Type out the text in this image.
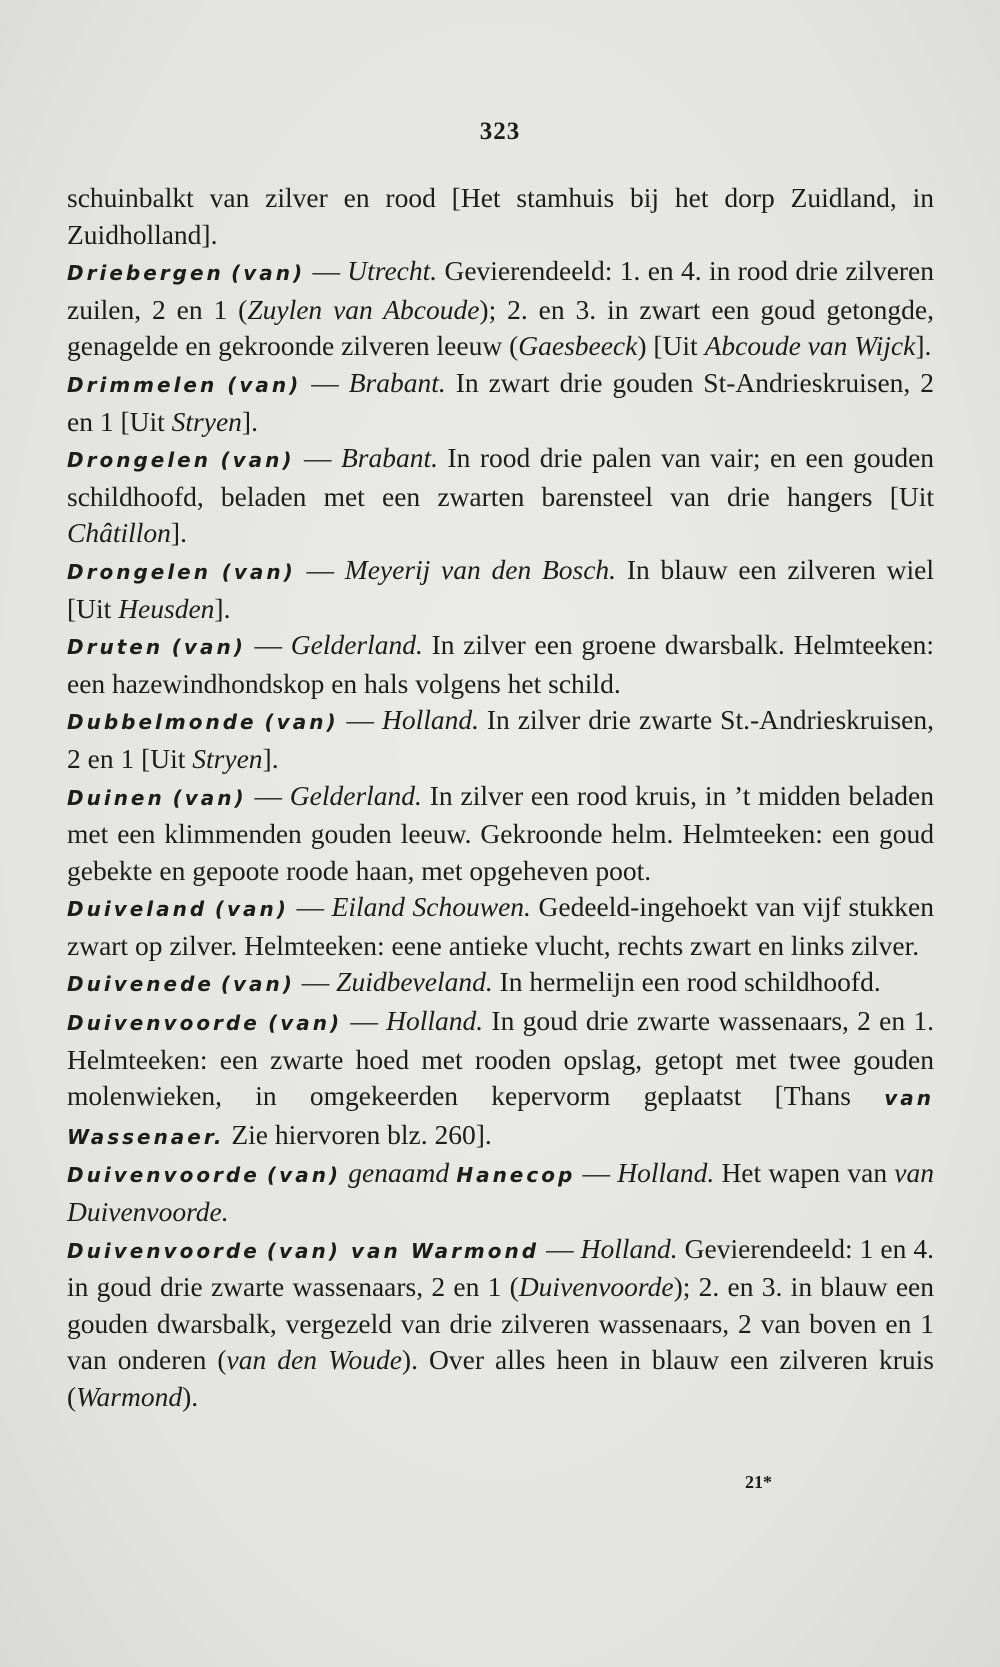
323

schuinbalkt van zilver en rood [Het stamhuis bij het dorp Zuidland, in Zuidholland].

Driebergen (van) — Utrecht. Gevierendeeld: 1. en 4. in rood drie zilveren zuilen, 2 en 1 (Zuylen van Abcoude); 2. en 3. in zwart een goud getongde, genagelde en gekroonde zilveren leeuw (Gaesbeeck) [Uit Abcoude van Wijck].

Drimmelen (van) — Brabant. In zwart drie gouden St-Andrieskruisen, 2 en 1 [Uit Stryen].

Drongelen (van) — Brabant. In rood drie palen van vair; en een gouden schildhoofd, beladen met een zwarten barensteel van drie hangers [Uit Châtillon].

Drongelen (van) — Meyerij van den Bosch. In blauw een zilveren wiel [Uit Heusden].

Druten (van) — Gelderland. In zilver een groene dwarsbalk. Helmteeken: een hazewindhondskop en hals volgens het schild.

Dubbelmonde (van) — Holland. In zilver drie zwarte St.-Andrieskruisen, 2 en 1 [Uit Stryen].

Duinen (van) — Gelderland. In zilver een rood kruis, in ’t midden beladen met een klimmenden gouden leeuw. Gekroonde helm. Helmteeken: een goud gebekte en gepoote roode haan, met opgeheven poot.

Duiveland (van) — Eiland Schouwen. Gedeeld-ingehoekt van vijf stukken zwart op zilver. Helmteeken: eene antieke vlucht, rechts zwart en links zilver.

Duivenede (van) — Zuidbeveland. In hermelijn een rood schildhoofd.

Duivenvoorde (van) — Holland. In goud drie zwarte wassenaars, 2 en 1. Helmteeken: een zwarte hoed met rooden opslag, getopt met twee gouden molenwieken, in omgekeerden kepervorm geplaatst [Thans van Wassenaer. Zie hiervoren blz. 260].

Duivenvoorde (van) genaamd Hanecop — Holland. Het wapen van van Duivenvoorde.

Duivenvoorde (van) van Warmond — Holland. Gevierendeeld: 1 en 4. in goud drie zwarte wassenaars, 2 en 1 (Duivenvoorde); 2. en 3. in blauw een gouden dwarsbalk, vergezeld van drie zilveren wassenaars, 2 van boven en 1 van onderen (van den Woude). Over alles heen in blauw een zilveren kruis (Warmond).

21*
